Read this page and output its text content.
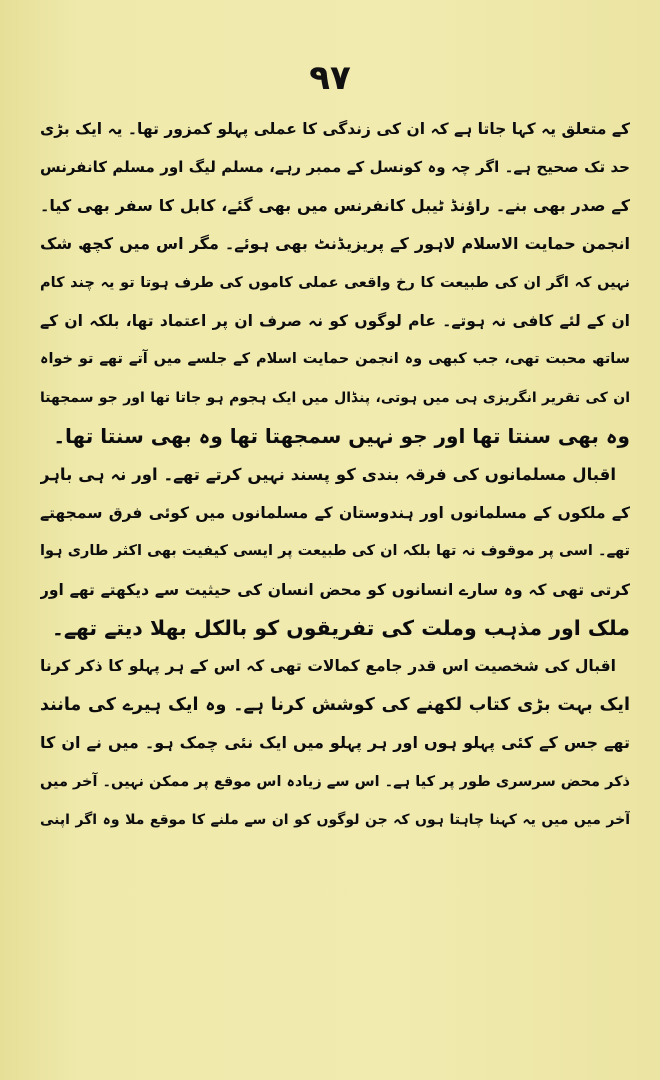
۹۷
کے متعلق یہ کہا جاتا ہے کہ ان کی زندگی کا عملی پہلو کمزور تھا۔ یہ ایک بڑی
حد تک صحیح ہے۔ اگر چہ وہ کونسل کے ممبر رہے، مسلم لیگ اور مسلم کانفرنس
کے صدر بھی بنے۔ راؤنڈ ٹیبل کانفرنس میں بھی گئے، کابل کا سفر بھی کیا۔
انجمن حمایت الاسلام لاہور کے پریزیڈنٹ بھی ہوئے۔ مگر اس میں کچھ شک
نہیں کہ اگر ان کی طبیعت کا رخ واقعی عملی کاموں کی طرف ہوتا تو یہ چند کام
ان کے لئے کافی نہ ہوتے۔ عام لوگوں کو نہ صرف ان پر اعتماد تھا، بلکہ ان کے
ساتھ محبت تھی، جب کبھی وہ انجمن حمایت اسلام کے جلسے میں آتے تھے تو خواہ
ان کی تقریر انگریزی ہی میں ہوتی، پنڈال میں ایک ہجوم ہو جاتا تھا اور جو سمجھتا
وہ بھی سنتا تھا اور جو نہیں سمجھتا تھا وہ بھی سنتا تھا۔
اقبال مسلمانوں کی فرقہ بندی کو پسند نہیں کرتے تھے۔ اور نہ ہی باہر
کے ملکوں کے مسلمانوں اور ہندوستان کے مسلمانوں میں کوئی فرق سمجھتے
تھے۔ اسی پر موقوف نہ تھا بلکہ ان کی طبیعت پر ایسی کیفیت بھی اکثر طاری ہوا
کرتی تھی کہ وہ سارے انسانوں کو محض انسان کی حیثیت سے دیکھتے تھے اور
ملک اور مذہب وملت کی تفریقوں کو بالکل بھلا دیتے تھے۔
اقبال کی شخصیت اس قدر جامع کمالات تھی کہ اس کے ہر پہلو کا ذکر کرنا
ایک بہت بڑی کتاب لکھنے کی کوشش کرنا ہے۔ وہ ایک ہیرے کی مانند
تھے جس کے کئی پہلو ہوں اور ہر پہلو میں ایک نئی چمک ہو۔ میں نے ان کا
ذکر محض سرسری طور پر کیا ہے۔ اس سے زیادہ اس موقع پر ممکن نہیں۔ آخر میں
آخر میں میں یہ کہنا چاہتا ہوں کہ جن لوگوں کو ان سے ملنے کا موقع ملا وہ اگر اپنی
